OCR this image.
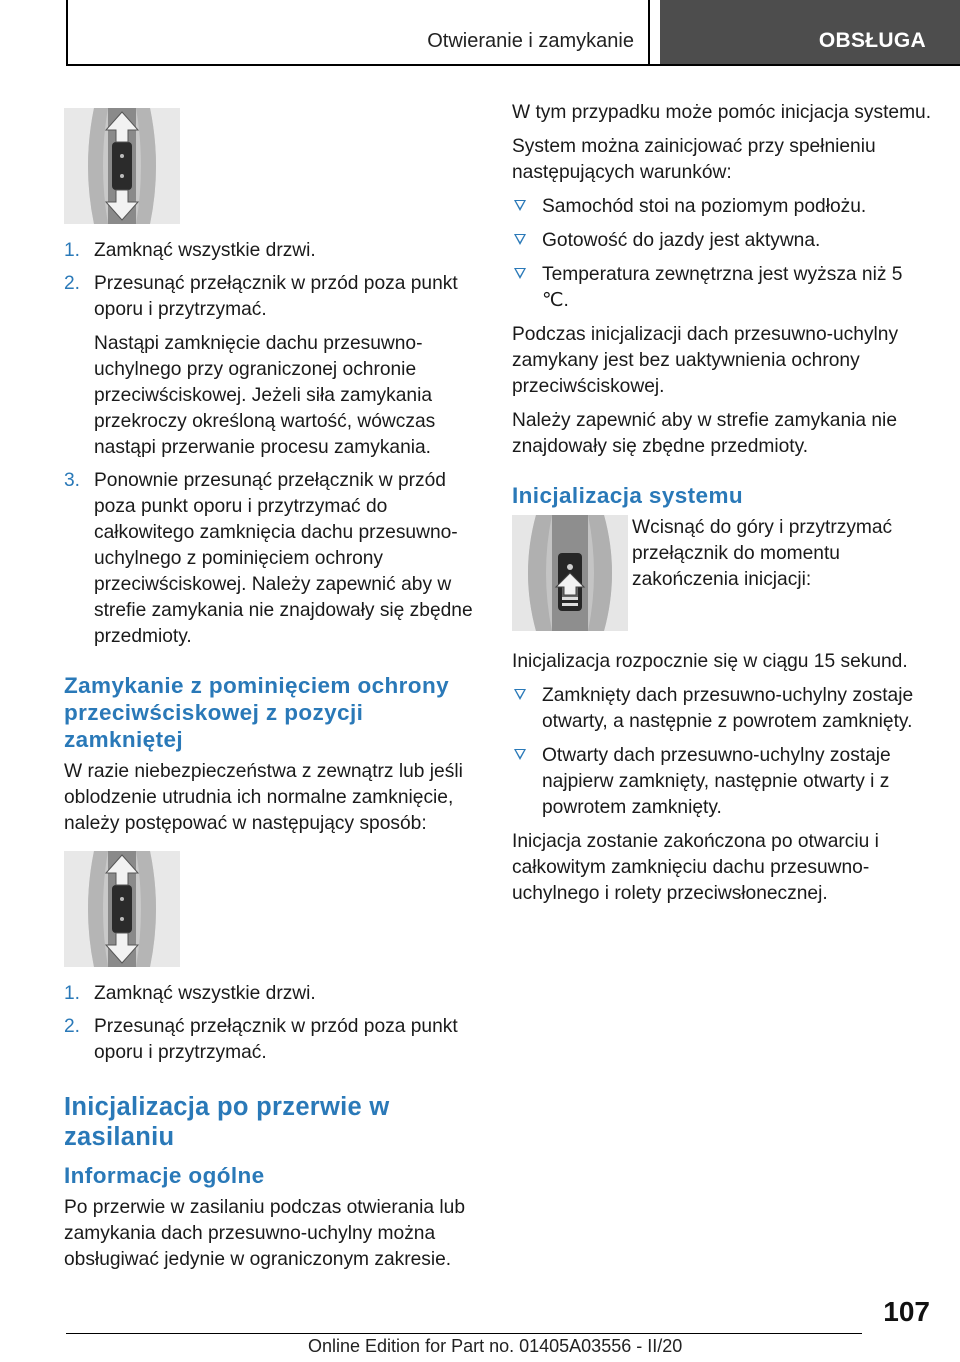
Otwieranie i zamykanie	OBSŁUGA
1. Zamknąć wszystkie drzwi.
2. Przesunąć przełącznik w przód poza punkt oporu i przytrzymać.
Nastąpi zamknięcie dachu przesuwno-uchylnego przy ograniczonej ochronie przeciwściskowej. Jeżeli siła zamykania przekroczy określoną wartość, wówczas nastąpi przerwanie procesu zamykania.
3. Ponownie przesunąć przełącznik w przód poza punkt oporu i przytrzymać do całkowitego zamknięcia dachu przesuwno-uchylnego z pominięciem ochrony przeciwściskowej. Należy zapewnić aby w strefie zamykania nie znajdowały się zbędne przedmioty.
Zamykanie z pominięciem ochrony przeciwściskowej z pozycji zamkniętej

W razie niebezpieczeństwa z zewnątrz lub jeśli oblodzenie utrudnia ich normalne zamknięcie, należy postępować w następujący sposób:

1. Zamknąć wszystkie drzwi.
2. Przesunąć przełącznik w przód poza punkt oporu i przytrzymać.
Inicjalizacja po przerwie w zasilaniu
Informacje ogólne

Po przerwie w zasilaniu podczas otwierania lub zamykania dach przesuwno-uchylny można obsługiwać jedynie w ograniczonym zakresie.

W tym przypadku może pomóc inicjacja systemu.

System można zainicjować przy spełnieniu następujących warunków:

Samochód stoi na poziomym podłożu.
Gotowość do jazdy jest aktywna.
Temperatura zewnętrzna jest wyższa niż 5 ℃.

Podczas inicjalizacji dach przesuwno-uchylny zamykany jest bez uaktywnienia ochrony przeciwściskowej.

Należy zapewnić aby w strefie zamykania nie znajdowały się zbędne przedmioty.

Inicjalizacja systemu

Wcisnąć do góry i przytrzymać przełącznik do momentu zakończenia inicjacji:

Inicjalizacja rozpocznie się w ciągu 15 sekund.

Zamknięty dach przesuwno-uchylny zostaje otwarty, a następnie z powrotem zamknięty.
Otwarty dach przesuwno-uchylny zostaje najpierw zamknięty, następnie otwarty i z powrotem zamknięty.

Inicjacja zostanie zakończona po otwarciu i całkowitym zamknięciu dachu przesuwno-uchylnego i rolety przeciwsłonecznej.

107
Online Edition for Part no. 01405A03556 - II/20
